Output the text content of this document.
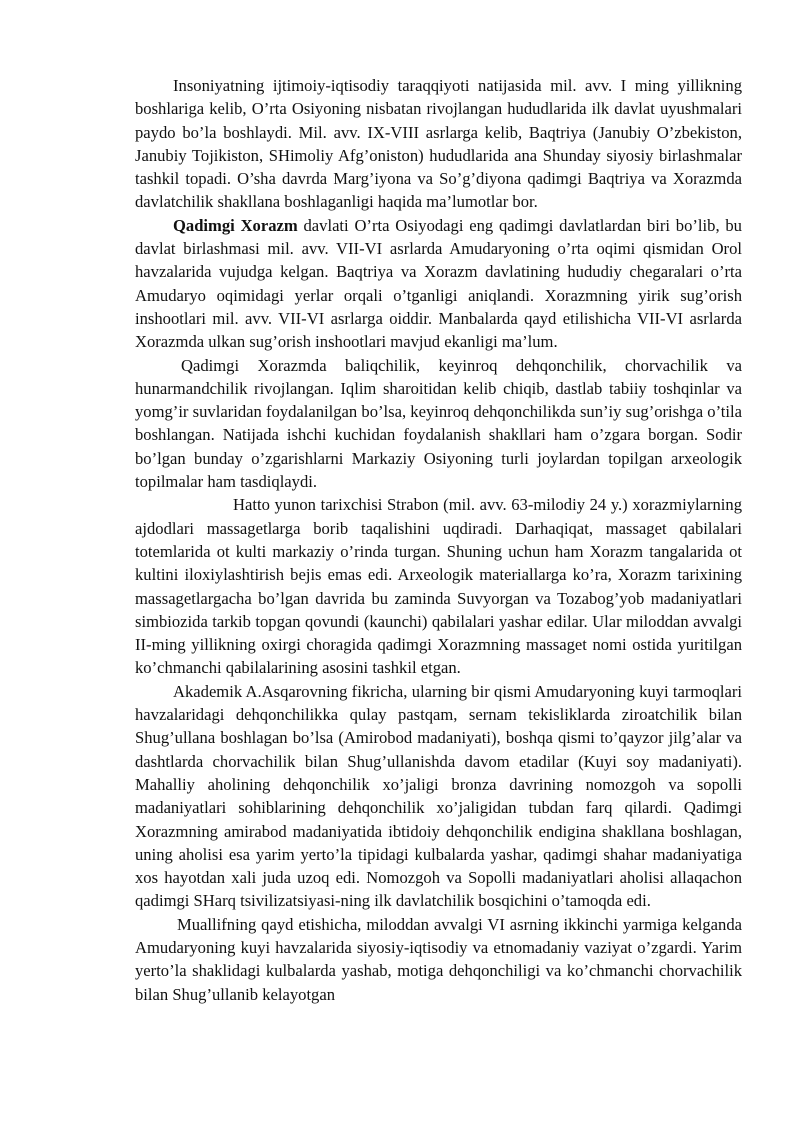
Insoniyatning ijtimoiy-iqtisodiy taraqqiyoti natijasida mil. avv. I ming yillikning boshlariga kelib, O’rta Osiyoning nisbatan rivojlangan hududlarida ilk davlat uyushmalari paydo bo’la boshlaydi. Mil. avv. IX-VIII asrlarga kelib, Baqtriya (Janubiy O’zbekiston, Janubiy Tojikiston, SHimoliy Afg’oniston) hududlarida ana Shunday siyosiy birlashmalar tashkil topadi. O’sha davrda Marg’iyona va So’g’diyona qadimgi Baqtriya va Xorazmda davlatchilik shakllana boshlaganligi haqida ma’lumotlar bor.

Qadimgi Xorazm davlati O’rta Osiyodagi eng qadimgi davlatlardan biri bo’lib, bu davlat birlashmasi mil. avv. VII-VI asrlarda Amudaryoning o’rta oqimi qismidan Orol havzalarida vujudga kelgan. Baqtriya va Xorazm davlatining hududiy chegaralari o’rta Amudaryo oqimidagi yerlar orqali o’tganligi aniqlandi. Xorazmning yirik sug’orish inshootlari mil. avv. VII-VI asrlarga oiddir. Manbalarda qayd etilishicha VII-VI asrlarda Xorazmda ulkan sug’orish inshootlari mavjud ekanligi ma’lum.

Qadimgi Xorazmda baliqchilik, keyinroq dehqonchilik, chorvachilik va hunarmandchilik rivojlangan. Iqlim sharoitidan kelib chiqib, dastlab tabiiy toshqinlar va yomg’ir suvlaridan foydalanilgan bo’lsa, keyinroq dehqonchilikda sun’iy sug’orishga o’tila boshlangan. Natijada ishchi kuchidan foydalanish shakllari ham o’zgara borgan. Sodir bo’lgan bunday o’zgarishlarni Markaziy Osiyoning turli joylardan topilgan arxeologik topilmalar ham tasdiqlaydi.

Hatto yunon tarixchisi Strabon (mil. avv. 63-milodiy 24 y.) xorazmiylarning ajdodlari massagetlarga borib taqalishini uqdiradi. Darhaqiqat, massaget qabilalari totemlarida ot kulti markaziy o’rinda turgan. Shuning uchun ham Xorazm tangalarida ot kultini iloxiylashtirish bejis emas edi. Arxeologik materiallarga ko’ra, Xorazm tarixining massagetlargacha bo’lgan davrida bu zaminda Suvyorgan va Tozabog’yob madaniyatlari simbiozida tarkib topgan qovundi (kaunchi) qabilalari yashar edilar. Ular miloddan avvalgi II-ming yillikning oxirgi choragida qadimgi Xorazmning massaget nomi ostida yuritilgan ko’chmanchi qabilalarining asosini tashkil etgan.

Akademik A.Asqarovning fikricha, ularning bir qismi Amudaryoning kuyi tarmoqlari havzalaridagi dehqonchilikka qulay pastqam, sernam tekisliklarda ziroatchilik bilan Shug’ullana boshlagan bo’lsa (Amirobod madaniyati), boshqa qismi to’qayzor jilg’alar va dashtlarda chorvachilik bilan Shug’ullanishda davom etadilar (Kuyi soy madaniyati). Mahalliy aholining dehqonchilik xo’jaligi bronza davrining nomozgoh va sopolli madaniyatlari sohiblarining dehqonchilik xo’jaligidan tubdan farq qilardi. Qadimgi Xorazmning amirabod madaniyatida ibtidoiy dehqonchilik endigina shakllana boshlagan, uning aholisi esa yarim yerto’la tipidagi kulbalarda yashar, qadimgi shahar madaniyatiga xos hayotdan xali juda uzoq edi. Nomozgoh va Sopolli madaniyatlari aholisi allaqachon qadimgi SHarq tsivilizatsiyasi-ning ilk davlatchilik bosqichini o’tamoqda edi.

Muallifning qayd etishicha, miloddan avvalgi VI asrning ikkinchi yarmiga kelganda Amudaryoning kuyi havzalarida siyosiy-iqtisodiy va etnomadaniy vaziyat o’zgardi. Yarim yerto’la shaklidagi kulbalarda yashab, motiga dehqonchiligi va ko’chmanchi chorvachilik bilan Shug’ullanib kelayotgan
